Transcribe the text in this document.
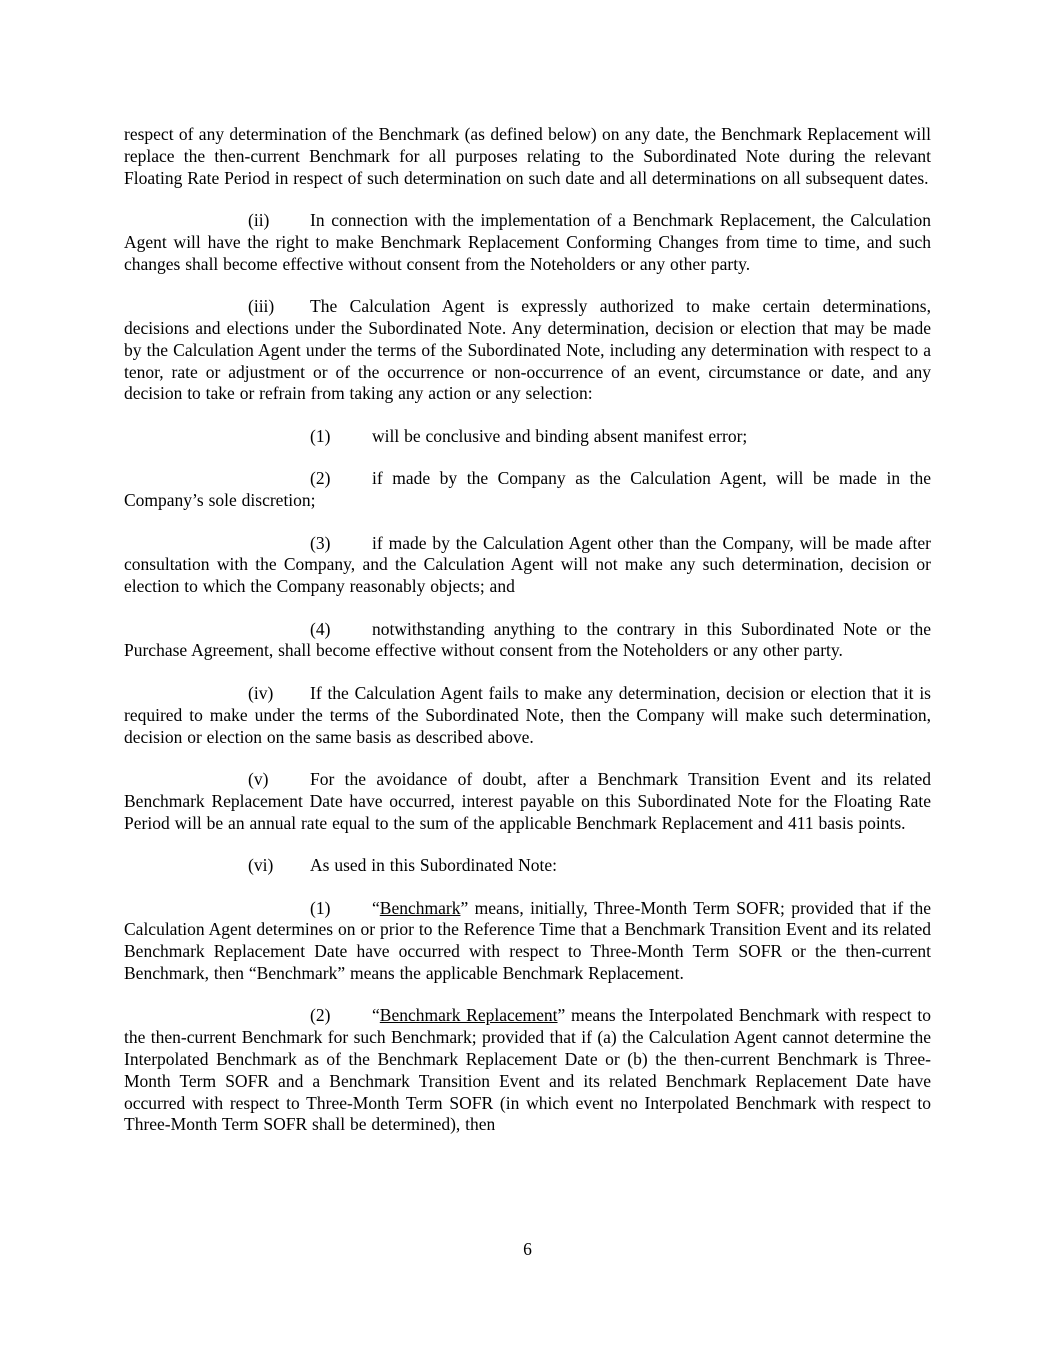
respect of any determination of the Benchmark (as defined below) on any date, the Benchmark Replacement will replace the then-current Benchmark for all purposes relating to the Subordinated Note during the relevant Floating Rate Period in respect of such determination on such date and all determinations on all subsequent dates.

(ii) In connection with the implementation of a Benchmark Replacement, the Calculation Agent will have the right to make Benchmark Replacement Conforming Changes from time to time, and such changes shall become effective without consent from the Noteholders or any other party.

(iii) The Calculation Agent is expressly authorized to make certain determinations, decisions and elections under the Subordinated Note. Any determination, decision or election that may be made by the Calculation Agent under the terms of the Subordinated Note, including any determination with respect to a tenor, rate or adjustment or of the occurrence or non-occurrence of an event, circumstance or date, and any decision to take or refrain from taking any action or any selection:

(1) will be conclusive and binding absent manifest error;

(2) if made by the Company as the Calculation Agent, will be made in the Company’s sole discretion;

(3) if made by the Calculation Agent other than the Company, will be made after consultation with the Company, and the Calculation Agent will not make any such determination, decision or election to which the Company reasonably objects; and

(4) notwithstanding anything to the contrary in this Subordinated Note or the Purchase Agreement, shall become effective without consent from the Noteholders or any other party.

(iv) If the Calculation Agent fails to make any determination, decision or election that it is required to make under the terms of the Subordinated Note, then the Company will make such determination, decision or election on the same basis as described above.

(v) For the avoidance of doubt, after a Benchmark Transition Event and its related Benchmark Replacement Date have occurred, interest payable on this Subordinated Note for the Floating Rate Period will be an annual rate equal to the sum of the applicable Benchmark Replacement and 411 basis points.

(vi) As used in this Subordinated Note:

(1) “Benchmark” means, initially, Three-Month Term SOFR; provided that if the Calculation Agent determines on or prior to the Reference Time that a Benchmark Transition Event and its related Benchmark Replacement Date have occurred with respect to Three-Month Term SOFR or the then-current Benchmark, then “Benchmark” means the applicable Benchmark Replacement.

(2) “Benchmark Replacement” means the Interpolated Benchmark with respect to the then-current Benchmark for such Benchmark; provided that if (a) the Calculation Agent cannot determine the Interpolated Benchmark as of the Benchmark Replacement Date or (b) the then-current Benchmark is Three-Month Term SOFR and a Benchmark Transition Event and its related Benchmark Replacement Date have occurred with respect to Three-Month Term SOFR (in which event no Interpolated Benchmark with respect to Three-Month Term SOFR shall be determined), then

6
